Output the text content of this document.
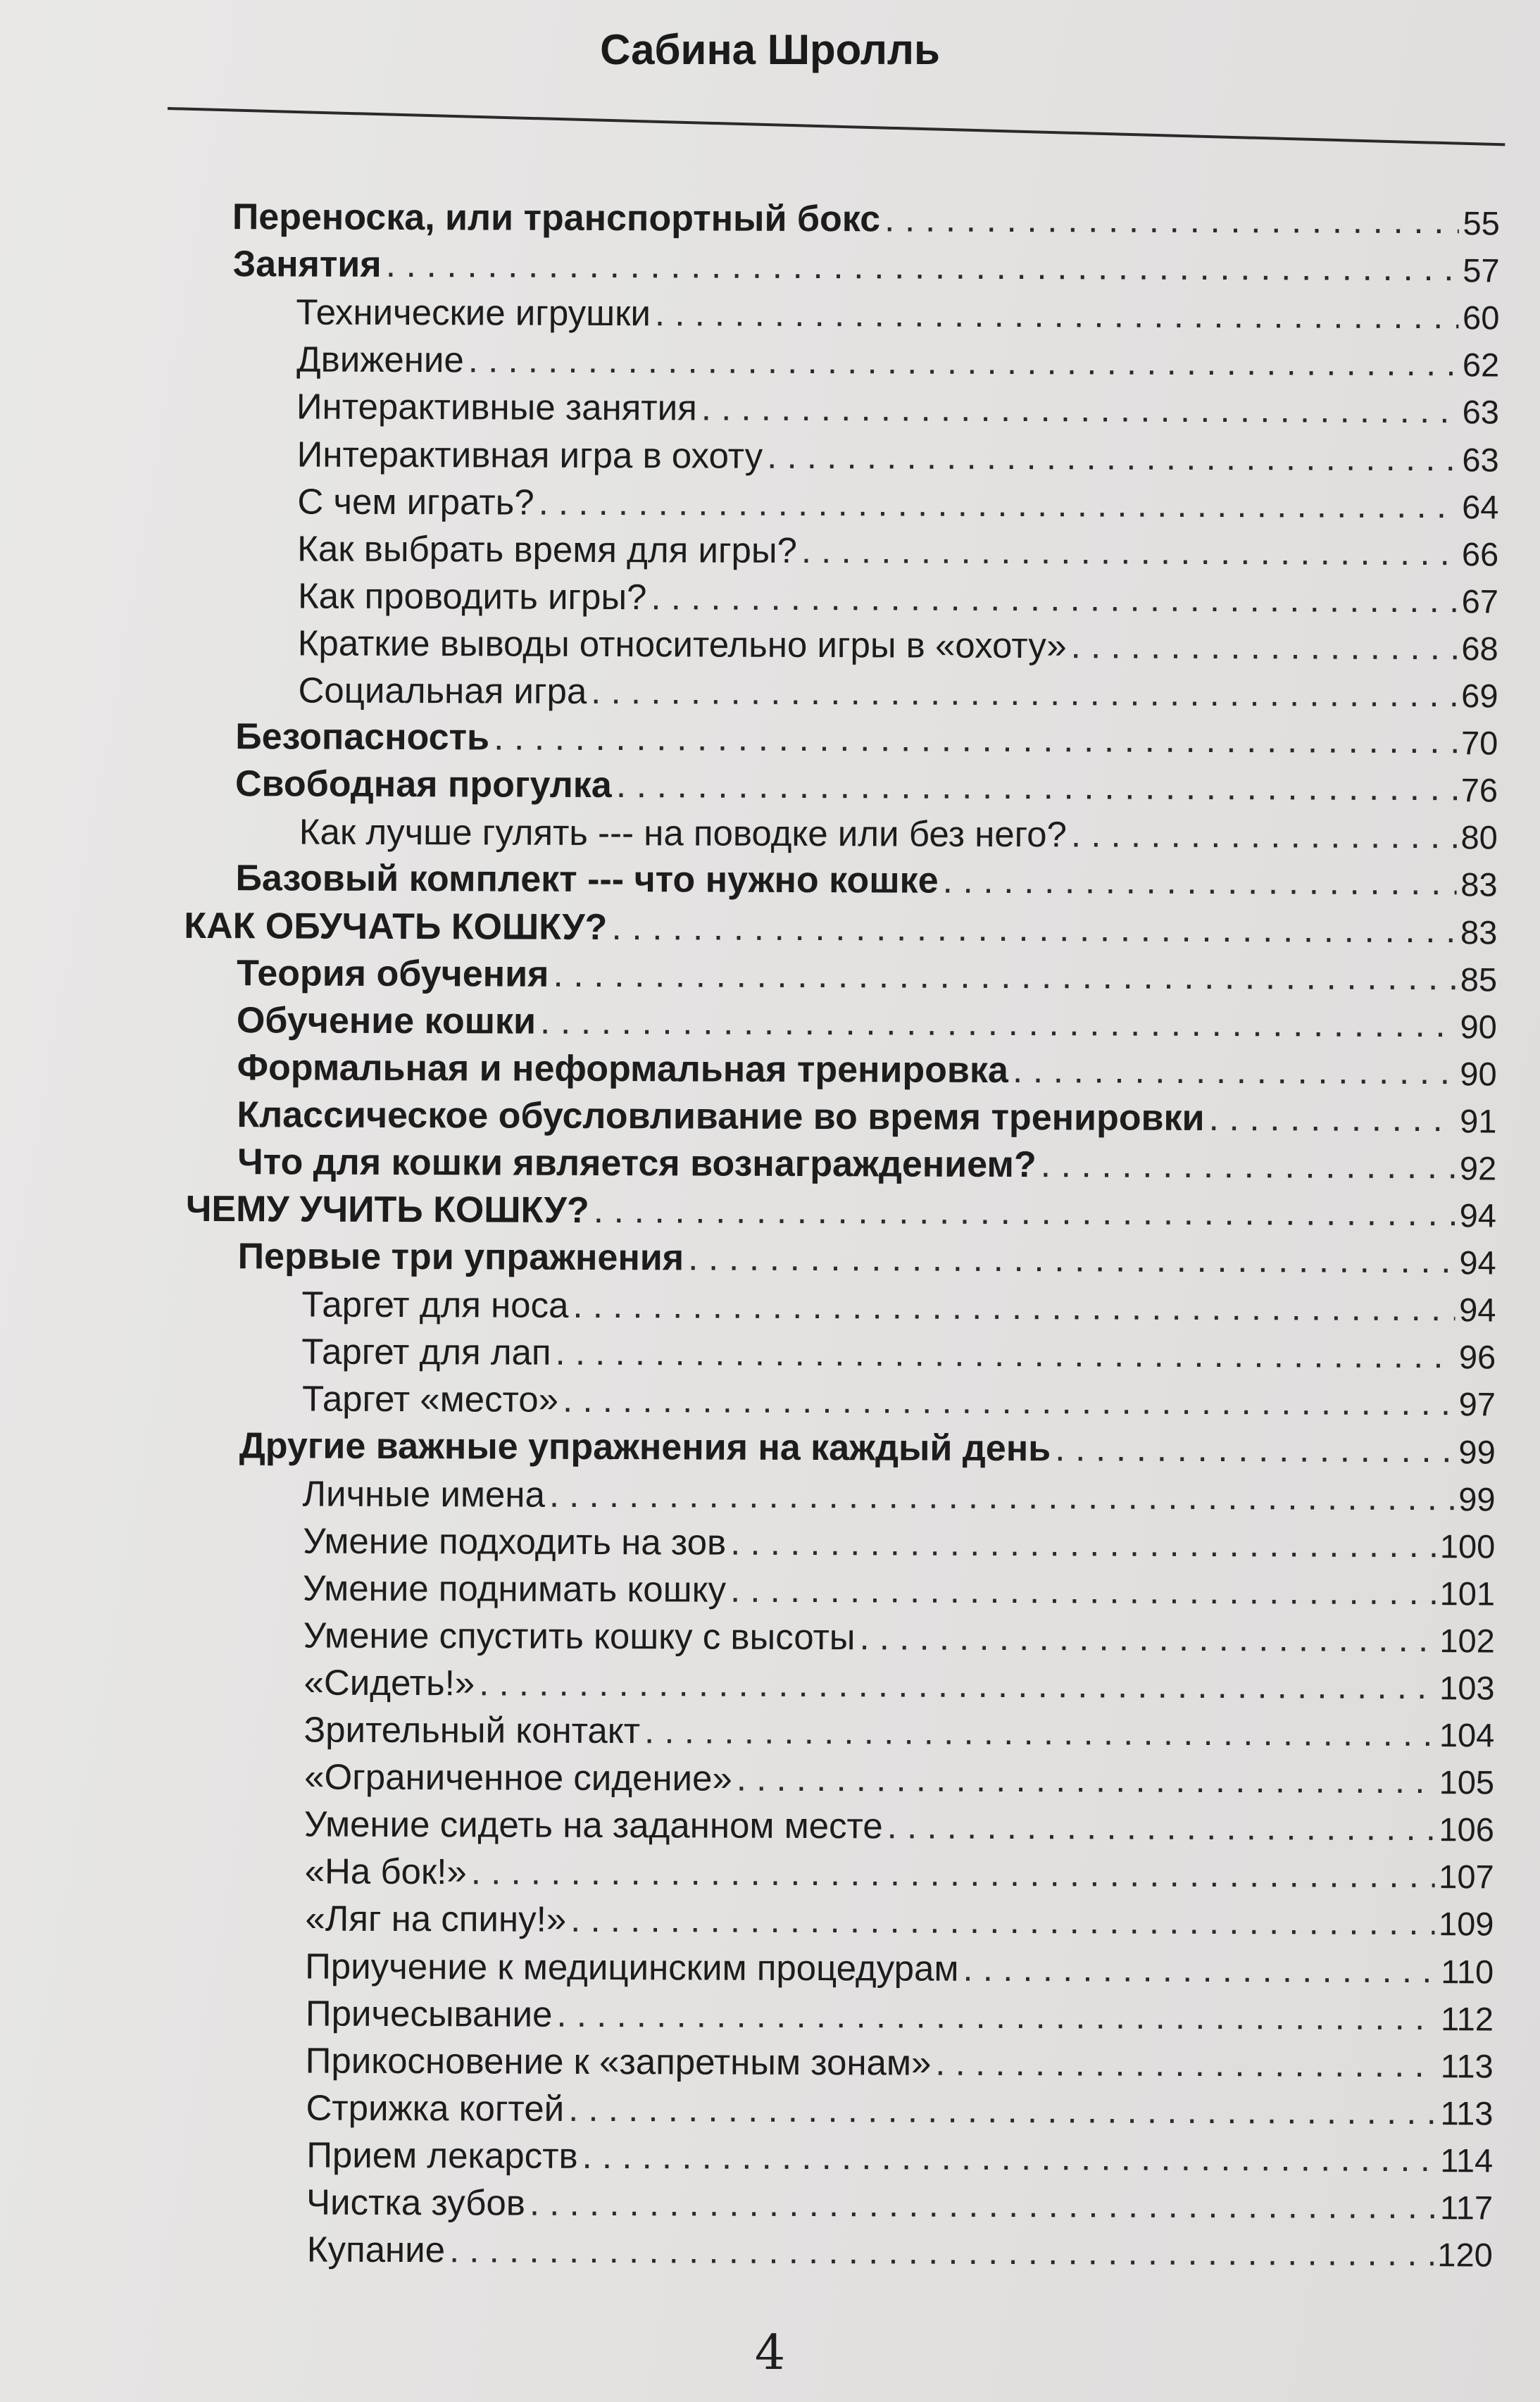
Сабина Шролль
Переноска, или транспортный бокс . . .	55
Занятия . . .	57
Технические игрушки . . .	60
Движение . . .	62
Интерактивные занятия . . .	63
Интерактивная игра в охоту . . .	63
С чем играть? . . .	64
Как выбрать время для игры? . . .	66
Как проводить игры? . . .	67
Краткие выводы относительно игры в «охоту» . . .	68
Социальная игра . . .	69
Безопасность . . .	70
Свободная прогулка . . .	76
Как лучше гулять --- на поводке или без него? . . .	80
Базовый комплект --- что нужно кошке . . .	83
КАК ОБУЧАТЬ КОШКУ? . . .	83
Теория обучения . . .	85
Обучение кошки . . .	90
Формальная и неформальная тренировка . . .	90
Классическое обусловливание во время тренировки . . .	91
Что для кошки является вознаграждением? . . .	92
ЧЕМУ УЧИТЬ КОШКУ? . . .	94
Первые три упражнения . . .	94
Таргет для носа . . .	94
Таргет для лап . . .	96
Таргет «место» . . .	97
Другие важные упражнения на каждый день . . .	99
Личные имена . . .	99
Умение подходить на зов . . .	100
Умение поднимать кошку . . .	101
Умение спустить кошку с высоты . . .	102
«Сидеть!» . . .	103
Зрительный контакт . . .	104
«Ограниченное сидение» . . .	105
Умение сидеть на заданном месте . . .	106
«На бок!» . . .	107
«Ляг на спину!» . . .	109
Приучение к медицинским процедурам . . .	110
Причесывание . . .	112
Прикосновение к «запретным зонам» . . .	113
Стрижка когтей . . .	113
Прием лекарств . . .	114
Чистка зубов . . .	117
Купание . . .	120
4
